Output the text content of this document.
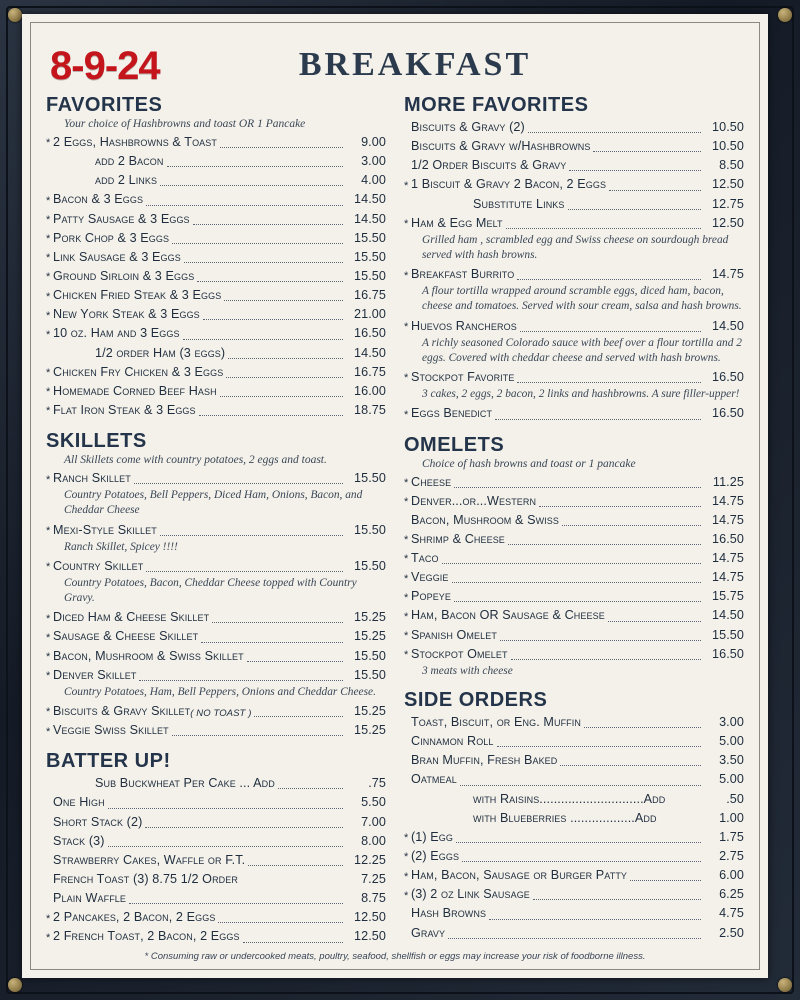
8-9-24	BREAKFAST
FAVORITES
Your choice of Hashbrowns and toast OR 1 Pancake
* 2 Eggs, Hashbrowns & Toast	9.00
add 2 Bacon	3.00
add 2 Links	4.00
* Bacon & 3 Eggs	14.50
* Patty Sausage & 3 Eggs	14.50
* Pork Chop & 3 Eggs	15.50
* Link Sausage & 3 Eggs	15.50
* Ground Sirloin & 3 Eggs	15.50
* Chicken Fried Steak & 3 Eggs	16.75
* New York Steak & 3 Eggs	21.00
* 10 oz. Ham and 3 Eggs	16.50
1/2 order Ham (3 eggs)	14.50
* Chicken Fry Chicken & 3 Eggs	16.75
* Homemade Corned Beef Hash	16.00
* Flat Iron Steak & 3 Eggs	18.75
SKILLETS
All Skillets come with country potatoes, 2 eggs and toast.
* Ranch Skillet	15.50
Country Potatoes, Bell Peppers, Diced Ham, Onions, Bacon, and Cheddar Cheese
* Mexi-Style Skillet	15.50
Ranch Skillet, Spicey !!!!
* Country Skillet	15.50
Country Potatoes, Bacon, Cheddar Cheese topped with Country Gravy.
* Diced Ham & Cheese Skillet	15.25
* Sausage & Cheese Skillet	15.25
* Bacon, Mushroom & Swiss Skillet	15.50
* Denver Skillet	15.50
Country Potatoes, Ham, Bell Peppers, Onions and Cheddar Cheese.
* Biscuits & Gravy Skillet ( NO TOAST )	15.25
* Veggie Swiss Skillet	15.25
BATTER UP!
Sub Buckwheat Per Cake ... Add	.75
One High	5.50
Short Stack (2)	7.00
Stack (3)	8.00
Strawberry Cakes, Waffle or F.T.	12.25
French Toast (3) 8.75 1/2 Order	7.25
Plain Waffle	8.75
* 2 Pancakes, 2 Bacon, 2 Eggs	12.50
* 2 French Toast, 2 Bacon, 2 Eggs	12.50
MORE FAVORITES
Biscuits & Gravy (2)	10.50
Biscuits & Gravy w/Hashbrowns	10.50
1/2 Order Biscuits & Gravy	8.50
* 1 Biscuit & Gravy 2 Bacon, 2 Eggs	12.50
Substitute Links	12.75
* Ham & Egg Melt	12.50
Grilled ham , scrambled egg and Swiss cheese on sourdough bread served with hash browns.
* Breakfast Burrito	14.75
A flour tortilla wrapped around scramble eggs, diced ham, bacon, cheese and tomatoes. Served with sour cream, salsa and hash browns.
* Huevos Rancheros	14.50
A richly seasoned Colorado sauce with beef over a flour tortilla and 2 eggs. Covered with cheddar cheese and served with hash browns.
* Stockpot Favorite	16.50
3 cakes, 2 eggs, 2 bacon, 2 links and hashbrowns. A sure filler-upper!
* Eggs Benedict	16.50
OMELETS
Choice of hash browns and toast or 1 pancake
* Cheese	11.25
* Denver...or...Western	14.75
Bacon, Mushroom & Swiss	14.75
* Shrimp & Cheese	16.50
* Taco	14.75
* Veggie	14.75
* Popeye	15.75
* Ham, Bacon OR Sausage & Cheese	14.50
* Spanish Omelet	15.50
* Stockpot Omelet	16.50
3 meats with cheese
SIDE ORDERS
Toast, Biscuit, or Eng. Muffin	3.00
Cinnamon Roll	5.00
Bran Muffin, Fresh Baked	3.50
Oatmeal	5.00
with Raisins.............................Add	.50
with Blueberries ..................Add	1.00
* (1) Egg	1.75
* (2) Eggs	2.75
* Ham, Bacon, Sausage or Burger Patty	6.00
* (3) 2 oz Link Sausage	6.25
Hash Browns	4.75
Gravy	2.50
* Consuming raw or undercooked meats, poultry, seafood, shellfish or eggs may increase your risk of foodborne illness.
